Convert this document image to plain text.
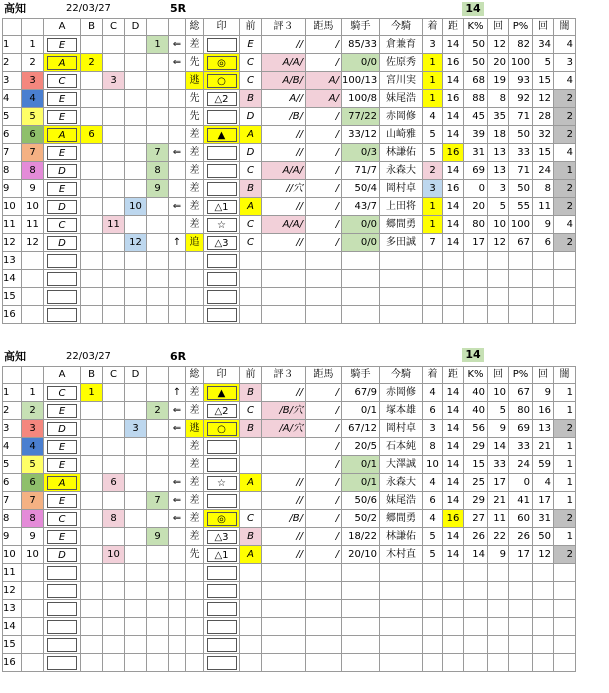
高知	22/03/27	5R	14
		A	B	C	D			総	印	前	評３	距馬	騎手	今騎	着	距	K%	回	P%	回	闇
1	1	E				1	⇐	差		E	//	/	85/33	倉兼育	3	14	50	12	82	34	4
2	2	A	2				⇐	先	◎	C	A/A/	/	0/0	佐原秀	1	16	50	20	100	5	3
3	3	C		3				逃	○	C	A/B/	A/	100/13	宮川実	1	14	68	19	93	15	4
4	4	E						先	△2	B	A//	A/	100/8	妹尾浩	1	16	88	8	92	12	2
5	5	E						先		D	/B/	/	77/22	赤岡修	4	14	45	35	71	28	2
6	6	A	6					差	▲	A	//	/	33/12	山崎雅	5	14	39	18	50	32	2
7	7	E				7	⇐	差		D	//	/	0/3	林謙佑	5	16	31	13	33	15	4
8	8	D				8		差		C	A/A/	/	71/7	永森大	2	14	69	13	71	24	1
9	9	E				9		差		B	//穴	/	50/4	岡村卓	3	16	0	3	50	8	2
10	10	D			10		⇐	差	△1	A	//	/	43/7	上田将	1	14	20	5	55	11	2
11	11	C		11				差	☆	C	A/A/	/	0/0	郷間勇	1	14	80	10	100	9	4
12	12	D			12		↑	追	△3	C	//	/	0/0	多田誠	7	14	17	12	67	6	2
13		

14		

15		

16		

高知	22/03/27	6R	14
		A	B	C	D			総	印	前	評３	距馬	騎手	今騎	着	距	K%	回	P%	回	闇
1	1	C	1				↑	差	▲	B	//	/	67/9	赤岡修	4	14	40	10	67	9	1
2	2	E				2	⇐	差	△2	C	/B/穴	/	0/1	塚本雄	6	14	40	5	80	16	1
3	3	D			3		⇐	逃	○	B	/A/穴	/	67/12	岡村卓	3	14	56	9	69	13	2
4	4	E						差				/	20/5	石本純	8	14	29	14	33	21	1
5	5	E						差				/	0/1	大澤誠	10	14	15	33	24	59	1
6	6	A		6			⇐	差	☆	A	//	/	0/1	永森大	4	14	25	17	0	4	1
7	7	E				7	⇐	差			//	/	50/6	妹尾浩	6	14	29	21	41	17	1
8	8	C		8			⇐	差	◎	C	/B/	/	50/2	郷間勇	4	16	27	11	60	31	2
9	9	E				9		差	△3	B	//	/	18/22	林謙佑	5	14	26	22	26	50	1
10	10	D		10				先	△1	A	//	/	20/10	木村直	5	14	14	9	17	12	2
11		

12		

13		

14		

15		

16		
